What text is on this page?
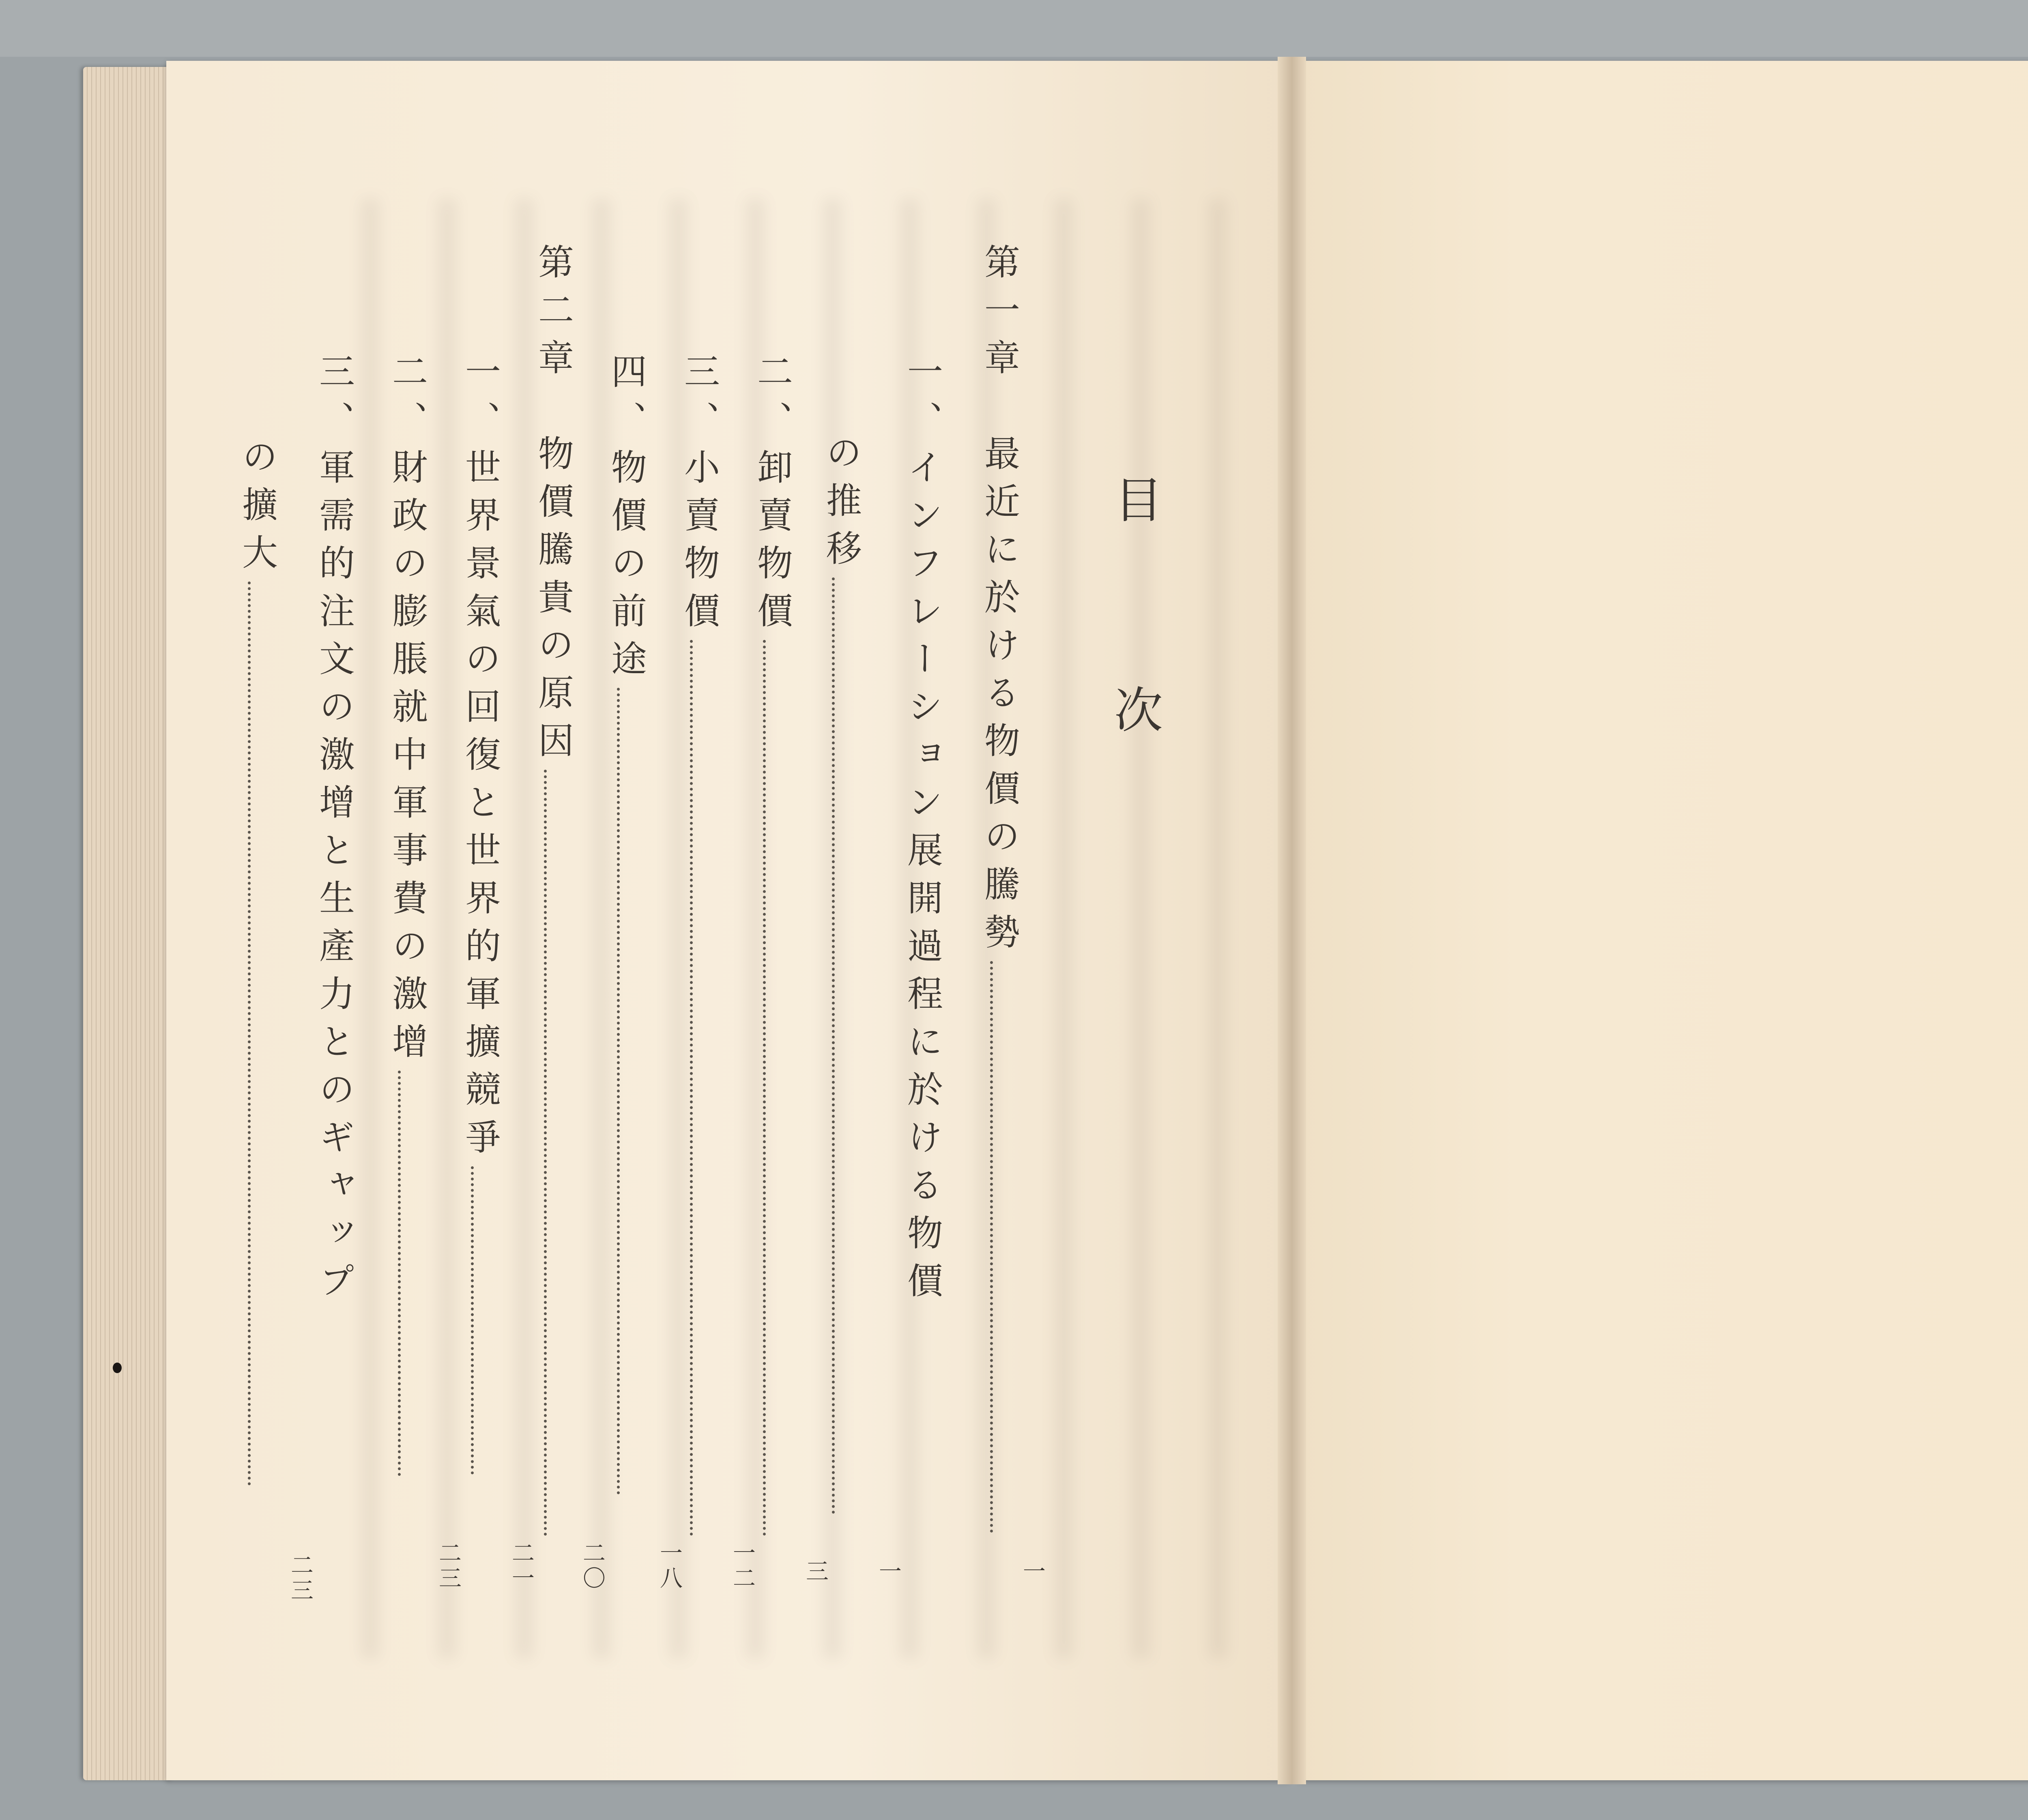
目 次
第一章　最近に於ける物價の騰勢
一
一、インフレーション展開過程に於ける物價
の推移
一
二、卸賣物價
三
三、小賣物價
一二
四、物價の前途
一八
第二章　物價騰貴の原因
二〇
一、世界景氣の回復と世界的軍擴競爭
二一
二、財政の膨脹就中軍事費の激增
二三
三、軍需的注文の激增と生產力とのギャップ
の擴大
二三
